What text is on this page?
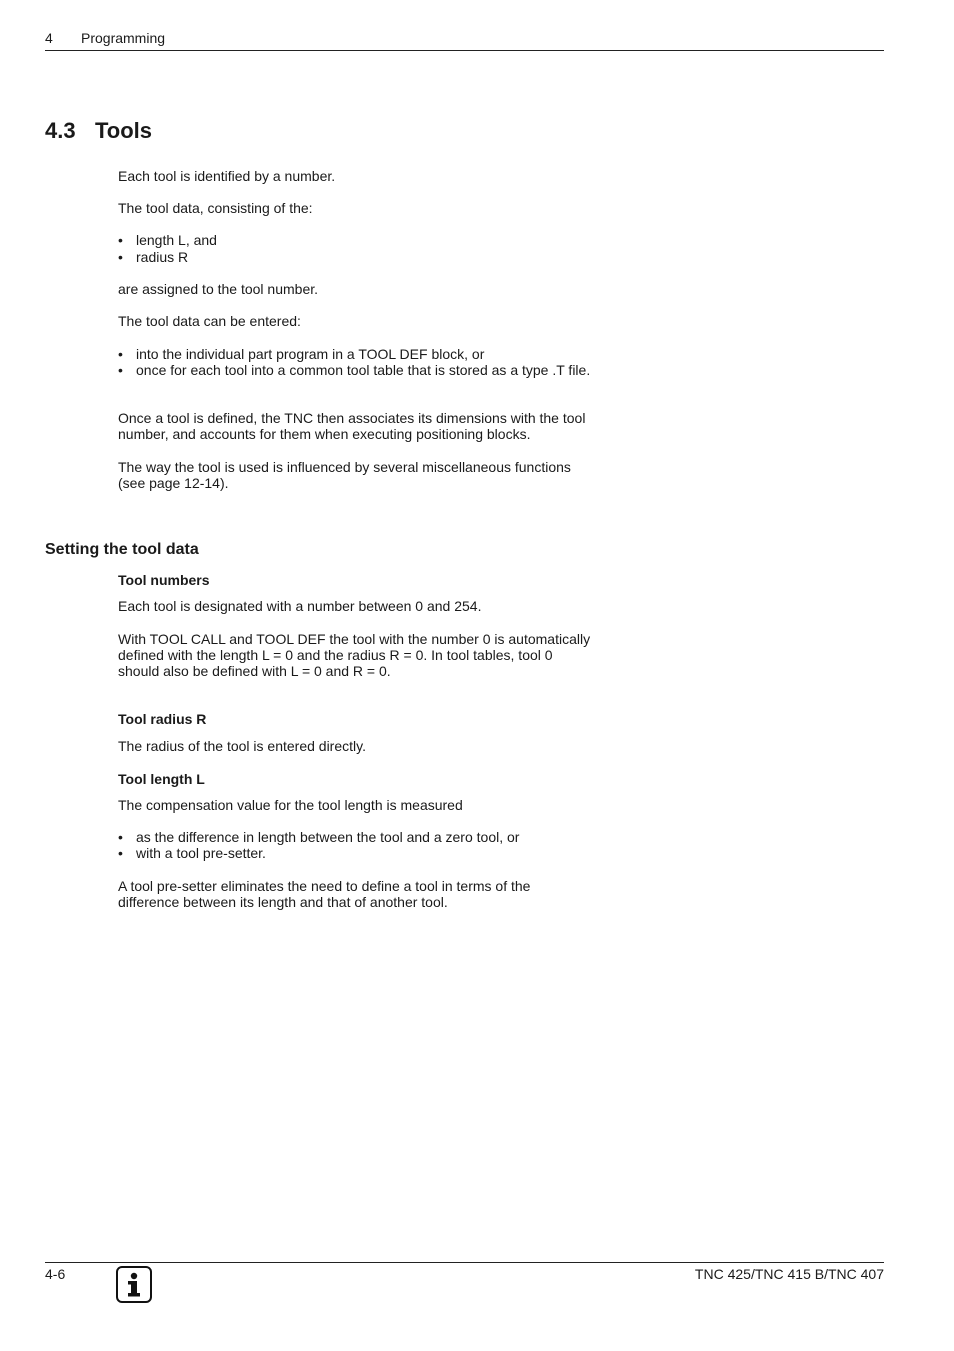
4 Programming
4.3 Tools
Each tool is identified by a number.
The tool data, consisting of the:
• length L, and
• radius R
are assigned to the tool number.
The tool data can be entered:
• into the individual part program in a TOOL DEF block, or
• once for each tool into a common tool table that is stored as a type .T file.
Once a tool is defined, the TNC then associates its dimensions with the tool number, and accounts for them when executing positioning blocks.
The way the tool is used is influenced by several miscellaneous functions (see page 12-14).
Setting the tool data
Tool numbers
Each tool is designated with a number between 0 and 254.
With TOOL CALL and TOOL DEF the tool with the number 0 is automatically defined with the length L = 0 and the radius R = 0. In tool tables, tool 0 should also be defined with L = 0 and R = 0.
Tool radius R
The radius of the tool is entered directly.
Tool length L
The compensation value for the tool length is measured
• as the difference in length between the tool and a zero tool, or
• with a tool pre-setter.
A tool pre-setter eliminates the need to define a tool in terms of the difference between its length and that of another tool.
4-6	TNC 425/TNC 415 B/TNC 407
